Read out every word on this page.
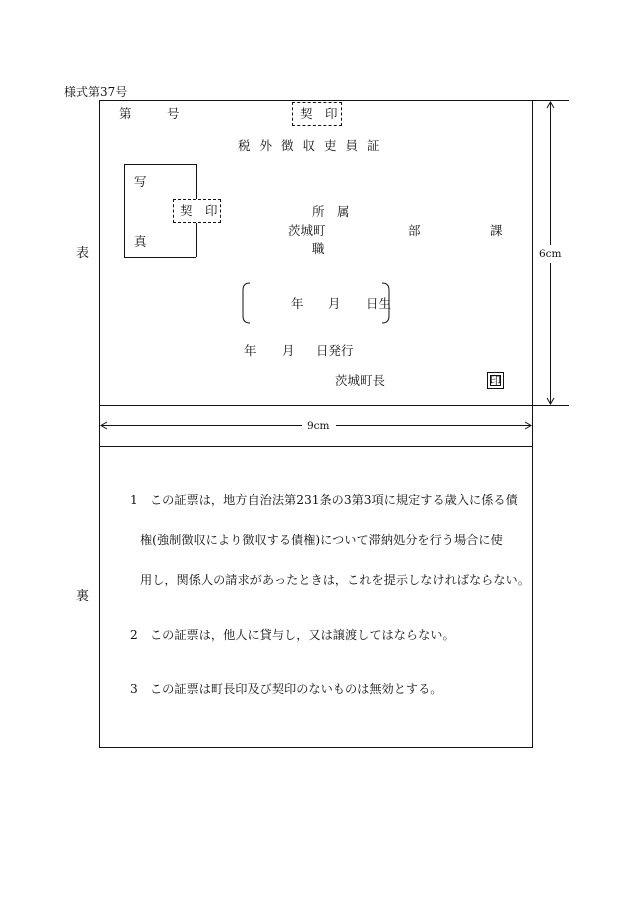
様式第37号
表
裏
第	号	契　印
税外徴収吏員証
写
真
契　印	所　属
茨城町	部	課
職
年 月 日生
年 月 日発行
茨城町長	印
6cm
9cm
1　この証票は，地方自治法第231条の3第3項に規定する歳入に係る債
権(強制徴収により徴収する債権)について滞納処分を行う場合に使
用し，関係人の請求があったときは，これを提示しなければならない。
2　この証票は，他人に貸与し，又は譲渡してはならない。
3　この証票は町長印及び契印のないものは無効とする。
